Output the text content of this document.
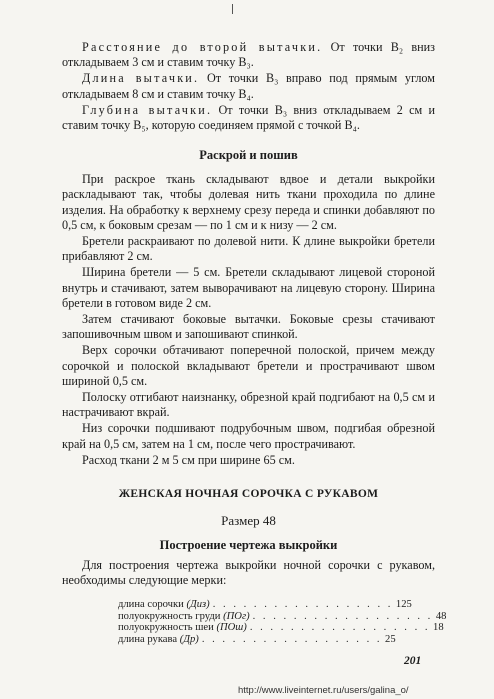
Расстояние до второй вытачки. От точки В₂ вниз откладываем 3 см и ставим точку В₃.

Длина вытачки. От точки В₃ вправо под прямым углом откладываем 8 см и ставим точку В₄.

Глубина вытачки. От точки В₃ вниз откладываем 2 см и ставим точку В₅, которую соединяем прямой с точкой В₄.

Раскрой и пошив

При раскрое ткань складывают вдвое и детали выкройки раскладывают так, чтобы долевая нить ткани проходила по длине изделия. На обработку к верхнему срезу переда и спинки добавляют по 0,5 см, к боковым срезам — по 1 см и к низу — 2 см.

Бретели раскраивают по долевой нити. К длине выкройки бретели прибавляют 2 см.

Ширина бретели — 5 см. Бретели складывают лицевой стороной внутрь и стачивают, затем выворачивают на лицевую сторону. Ширина бретели в готовом виде 2 см.

Затем стачивают боковые вытачки. Боковые срезы стачивают запошивочным швом и запошивают спинкой.

Верх сорочки обтачивают поперечной полоской, причем между сорочкой и полоской вкладывают бретели и прострачивают швом шириной 0,5 см.

Полоску отгибают наизнанку, обрезной край подгибают на 0,5 см и настрачивают вкрай.

Низ сорочки подшивают подрубочным швом, подгибая обрезной край на 0,5 см, затем на 1 см, после чего прострачивают.

Расход ткани 2 м 5 см при ширине 65 см.

ЖЕНСКАЯ НОЧНАЯ СОРОЧКА С РУКАВОМ

Размер 48

Построение чертежа выкройки

Для построения чертежа выкройки ночной сорочки с рукавом, необходимы следующие мерки:

длина сорочки (Диз) . . . . . . . . . . . . . . . . . . 125
полуокружность груди (ПОг) . . . . . . . . . . . . . . . . . . 48
полуокружность шеи (ПОш) . . . . . . . . . . . . . . . . . . 18
длина рукава (Др) . . . . . . . . . . . . . . . . . . 25
201
http://www.liveinternet.ru/users/galina_o/
